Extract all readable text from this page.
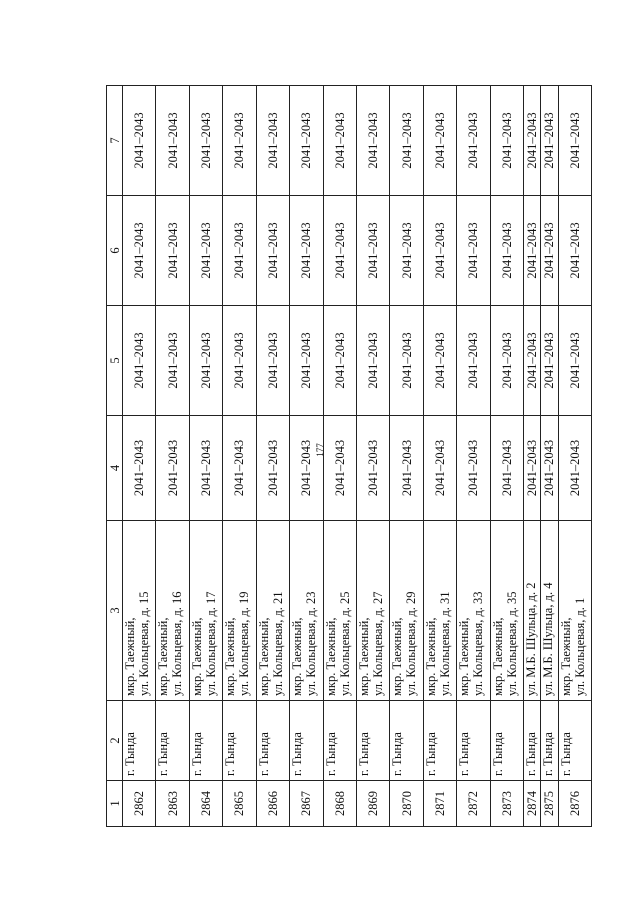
177
1	2	3	4	5	6	7
2862	г. Тында	мкр. Таежный, ул. Кольцевая, д. 15	2041–2043	2041–2043	2041–2043	2041–2043
2863	г. Тында	мкр. Таежный, ул. Кольцевая, д. 16	2041–2043	2041–2043	2041–2043	2041–2043
2864	г. Тында	мкр. Таежный, ул. Кольцевая, д. 17	2041–2043	2041–2043	2041–2043	2041–2043
2865	г. Тында	мкр. Таежный, ул. Кольцевая, д. 19	2041–2043	2041–2043	2041–2043	2041–2043
2866	г. Тында	мкр. Таежный, ул. Кольцевая, д. 21	2041–2043	2041–2043	2041–2043	2041–2043
2867	г. Тында	мкр. Таежный, ул. Кольцевая, д. 23	2041–2043	2041–2043	2041–2043	2041–2043
2868	г. Тында	мкр. Таежный, ул. Кольцевая, д. 25	2041–2043	2041–2043	2041–2043	2041–2043
2869	г. Тында	мкр. Таежный, ул. Кольцевая, д. 27	2041–2043	2041–2043	2041–2043	2041–2043
2870	г. Тында	мкр. Таежный, ул. Кольцевая, д. 29	2041–2043	2041–2043	2041–2043	2041–2043
2871	г. Тында	мкр. Таежный, ул. Кольцевая, д. 31	2041–2043	2041–2043	2041–2043	2041–2043
2872	г. Тында	мкр. Таежный, ул. Кольцевая, д. 33	2041–2043	2041–2043	2041–2043	2041–2043
2873	г. Тында	мкр. Таежный, ул. Кольцевая, д. 35	2041–2043	2041–2043	2041–2043	2041–2043
2874	г. Тында	ул. М.Б. Шульца, д. 2	2041–2043	2041–2043	2041–2043	2041–2043
2875	г. Тында	ул. М.Б. Шульца, д. 4	2041–2043	2041–2043	2041–2043	2041–2043
2876	г. Тында	мкр. Таежный, ул. Кольцевая, д. 1	2041–2043	2041–2043	2041–2043	2041–2043
